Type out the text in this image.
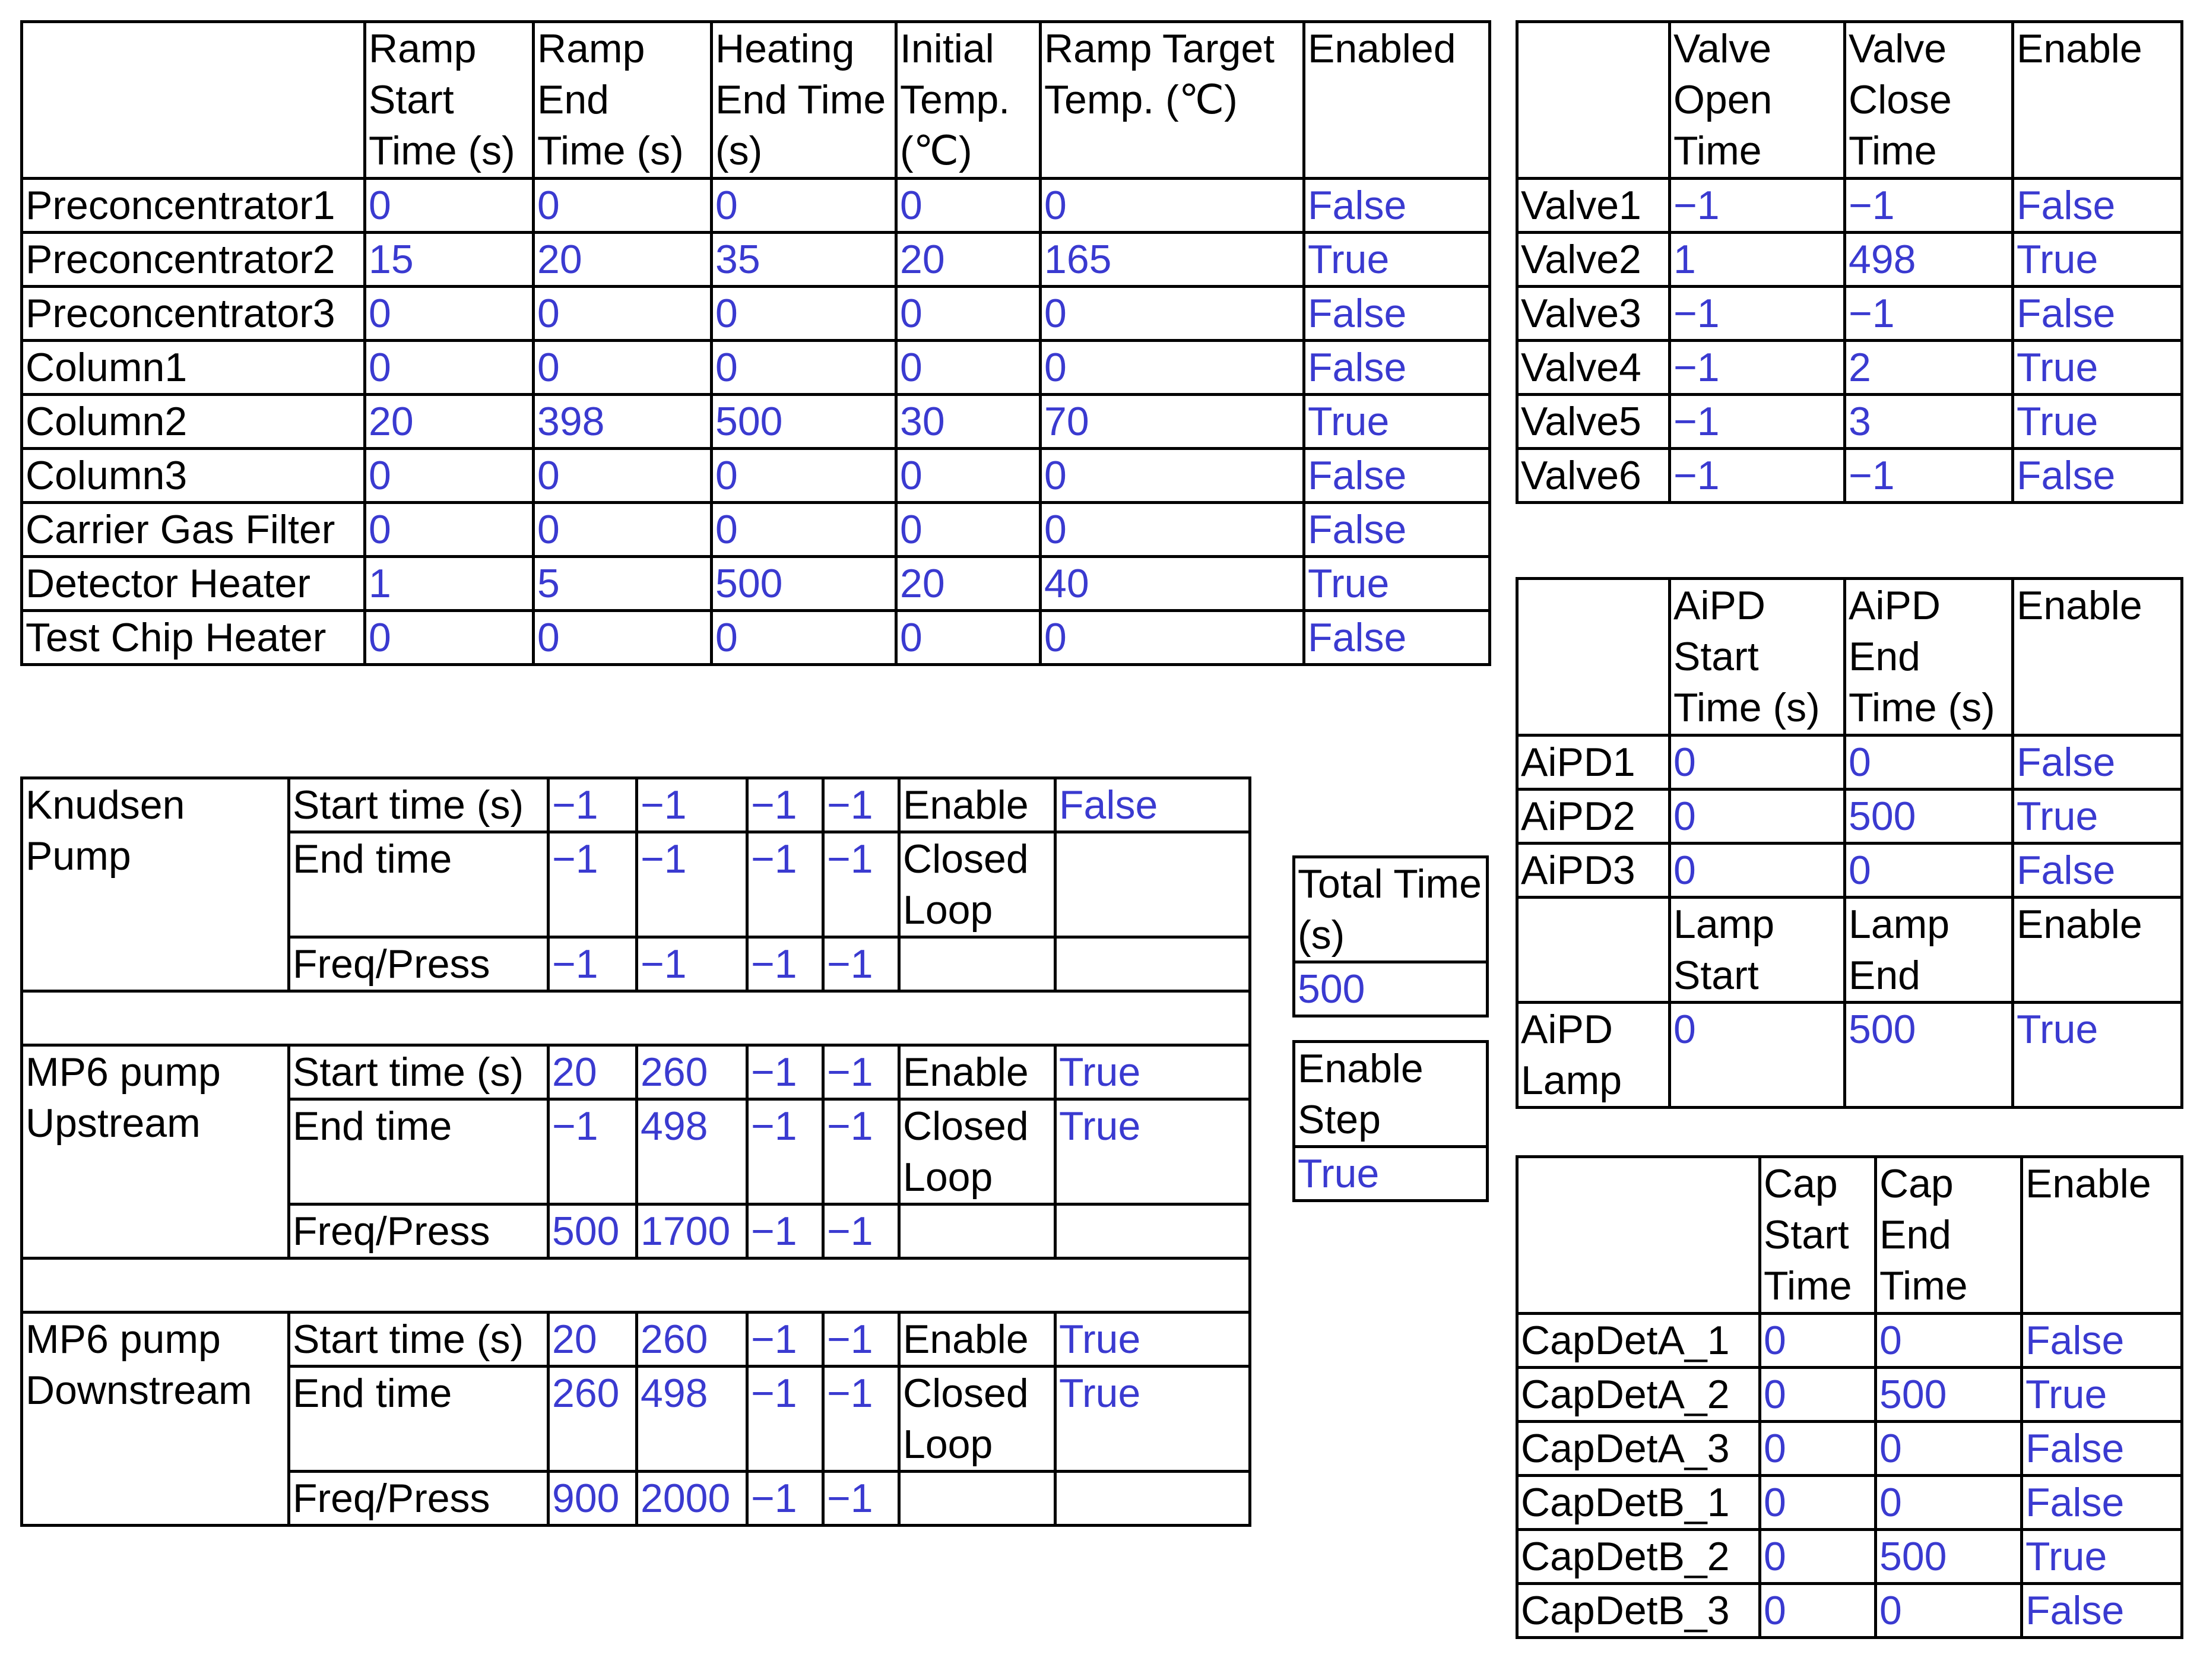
	Ramp Start Time (s)	Ramp End Time (s)	Heating End Time (s)	Initial Temp. (℃)	Ramp Target Temp. (℃)	Enabled
Preconcentrator1	0	0	0	0	0	False
Preconcentrator2	15	20	35	20	165	True
Preconcentrator3	0	0	0	0	0	False
Column1	0	0	0	0	0	False
Column2	20	398	500	30	70	True
Column3	0	0	0	0	0	False
Carrier Gas Filter	0	0	0	0	0	False
Detector Heater	1	5	500	20	40	True
Test Chip Heater	0	0	0	0	0	False
Knudsen Pump	Start time (s)	−1	−1	−1	−1	Enable	False
	End time	−1	−1	−1	−1	Closed Loop	
	Freq/Press	−1	−1	−1	−1		

MP6 pump Upstream	Start time (s)	20	260	−1	−1	Enable	True
	End time	−1	498	−1	−1	Closed Loop	True
	Freq/Press	500	1700	−1	−1		

MP6 pump Downstream	Start time (s)	20	260	−1	−1	Enable	True
	End time	260	498	−1	−1	Closed Loop	True
	Freq/Press	900	2000	−1	−1		
Total Time (s)
500
Enable Step
True
	Valve Open Time	Valve Close Time	Enable
Valve1	−1	−1	False
Valve2	1	498	True
Valve3	−1	−1	False
Valve4	−1	2	True
Valve5	−1	3	True
Valve6	−1	−1	False
	AiPD Start Time (s)	AiPD End Time (s)	Enable
AiPD1	0	0	False
AiPD2	0	500	True
AiPD3	0	0	False
	Lamp Start	Lamp End	Enable
AiPD Lamp	0	500	True
	Cap Start Time	Cap End Time	Enable
CapDetA_1	0	0	False
CapDetA_2	0	500	True
CapDetA_3	0	0	False
CapDetB_1	0	0	False
CapDetB_2	0	500	True
CapDetB_3	0	0	False
